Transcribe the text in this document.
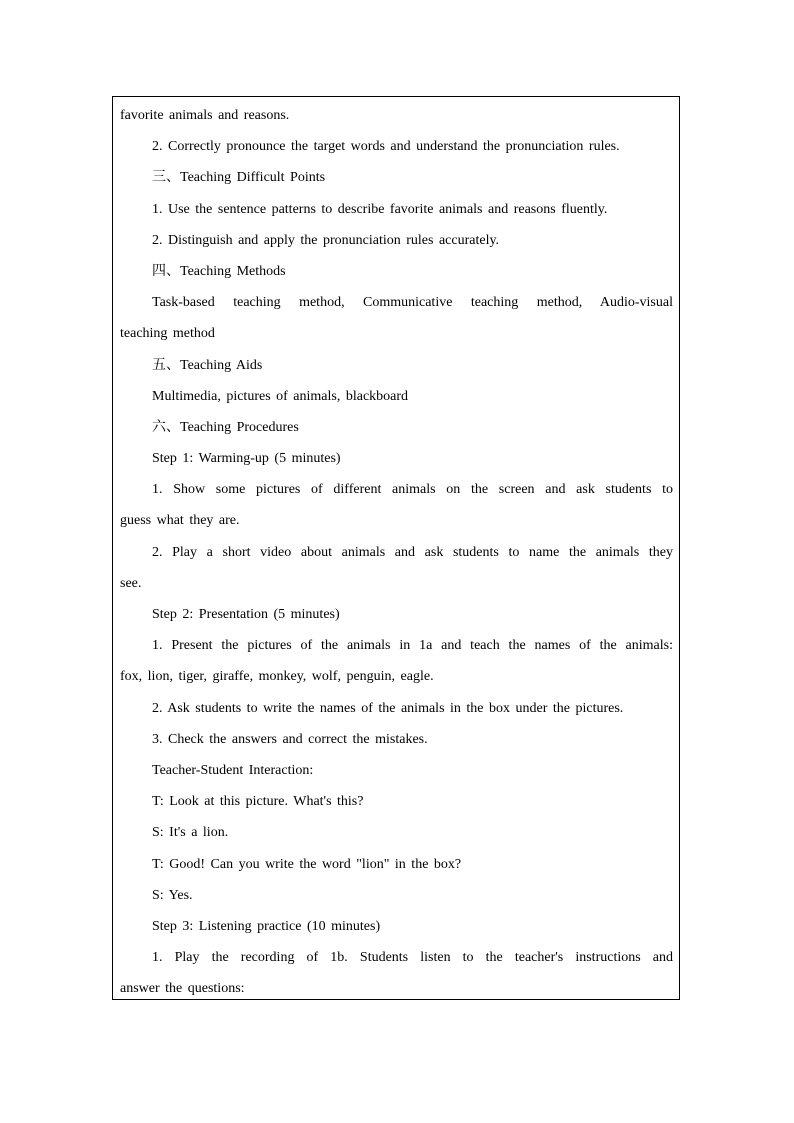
favorite animals and reasons.
2. Correctly pronounce the target words and understand the pronunciation rules.
三、Teaching Difficult Points
1. Use the sentence patterns to describe favorite animals and reasons fluently.
2. Distinguish and apply the pronunciation rules accurately.
四、Teaching Methods
Task-based teaching method, Communicative teaching method, Audio-visual
teaching method
五、Teaching Aids
Multimedia, pictures of animals, blackboard
六、Teaching Procedures
Step 1: Warming-up (5 minutes)
1. Show some pictures of different animals on the screen and ask students to
guess what they are.
2. Play a short video about animals and ask students to name the animals they
see.
Step 2: Presentation (5 minutes)
1. Present the pictures of the animals in 1a and teach the names of the animals:
fox, lion, tiger, giraffe, monkey, wolf, penguin, eagle.
2. Ask students to write the names of the animals in the box under the pictures.
3. Check the answers and correct the mistakes.
Teacher-Student Interaction:
T: Look at this picture. What's this?
S: It's a lion.
T: Good! Can you write the word "lion" in the box?
S: Yes.
Step 3: Listening practice (10 minutes)
1. Play the recording of 1b. Students listen to the teacher's instructions and
answer the questions:
